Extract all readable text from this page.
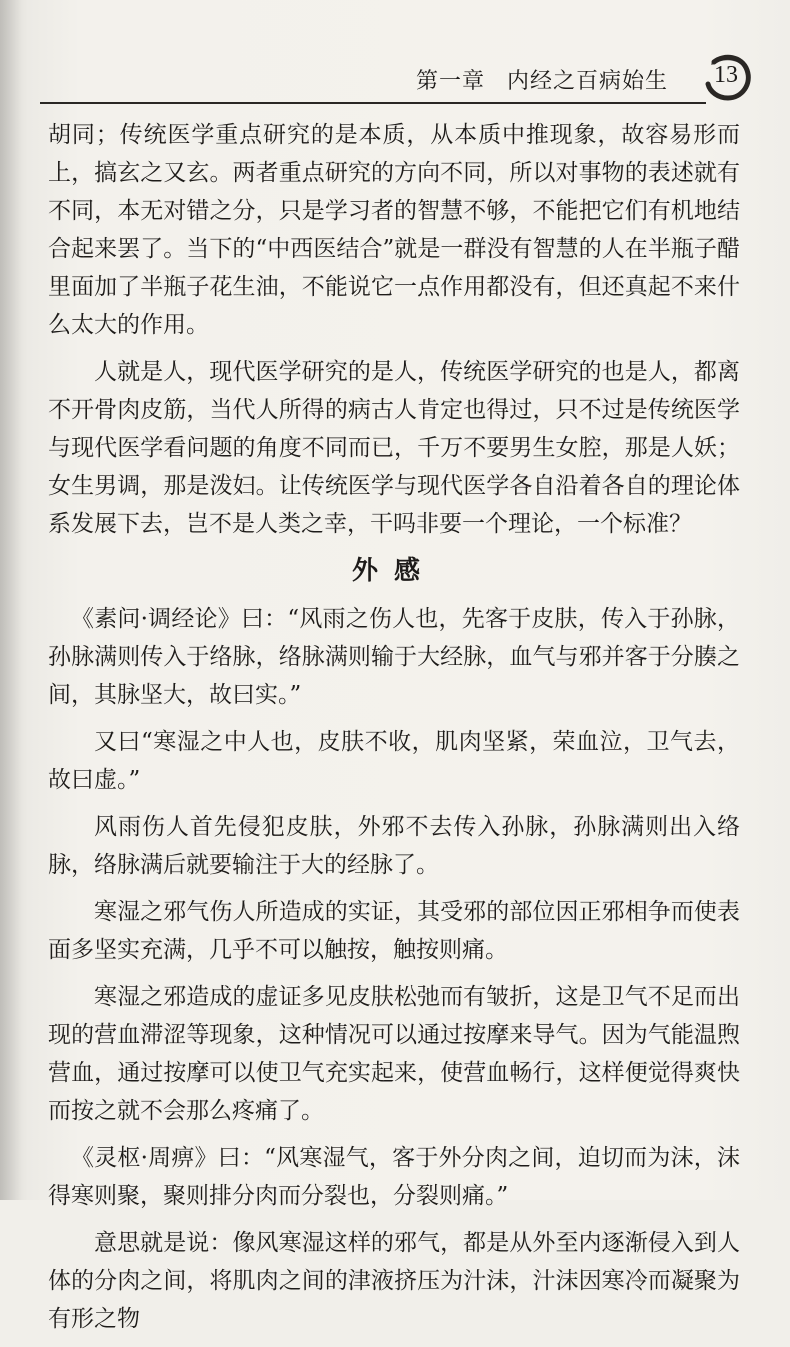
第一章 内经之百病始生 13

胡同；传统医学重点研究的是本质，从本质中推现象，故容易形而上，搞玄之又玄。两者重点研究的方向不同，所以对事物的表述就有不同，本无对错之分，只是学习者的智慧不够，不能把它们有机地结合起来罢了。当下的“中西医结合”就是一群没有智慧的人在半瓶子醋里面加了半瓶子花生油，不能说它一点作用都没有，但还真起不来什么太大的作用。

人就是人，现代医学研究的是人，传统医学研究的也是人，都离不开骨肉皮筋，当代人所得的病古人肯定也得过，只不过是传统医学与现代医学看问题的角度不同而已，千万不要男生女腔，那是人妖；女生男调，那是泼妇。让传统医学与现代医学各自沿着各自的理论体系发展下去，岂不是人类之幸，干吗非要一个理论，一个标准？

外感

《素问·调经论》曰：“风雨之伤人也，先客于皮肤，传入于孙脉，孙脉满则传入于络脉，络脉满则输于大经脉，血气与邪并客于分腠之间，其脉坚大，故曰实。”

又曰“寒湿之中人也，皮肤不收，肌肉坚紧，荣血泣，卫气去，故曰虚。”

风雨伤人首先侵犯皮肤，外邪不去传入孙脉，孙脉满则出入络脉，络脉满后就要输注于大的经脉了。

寒湿之邪气伤人所造成的实证，其受邪的部位因正邪相争而使表面多坚实充满，几乎不可以触按，触按则痛。

寒湿之邪造成的虚证多见皮肤松弛而有皱折，这是卫气不足而出现的营血滞涩等现象，这种情况可以通过按摩来导气。因为气能温煦营血，通过按摩可以使卫气充实起来，使营血畅行，这样便觉得爽快而按之就不会那么疼痛了。

《灵枢·周痹》曰：“风寒湿气，客于外分肉之间，迫切而为沫，沫得寒则聚，聚则排分肉而分裂也，分裂则痛。”

意思就是说：像风寒湿这样的邪气，都是从外至内逐渐侵入到人体的分肉之间，将肌肉之间的津液挤压为汁沫，汁沫因寒冷而凝聚为有形之物
